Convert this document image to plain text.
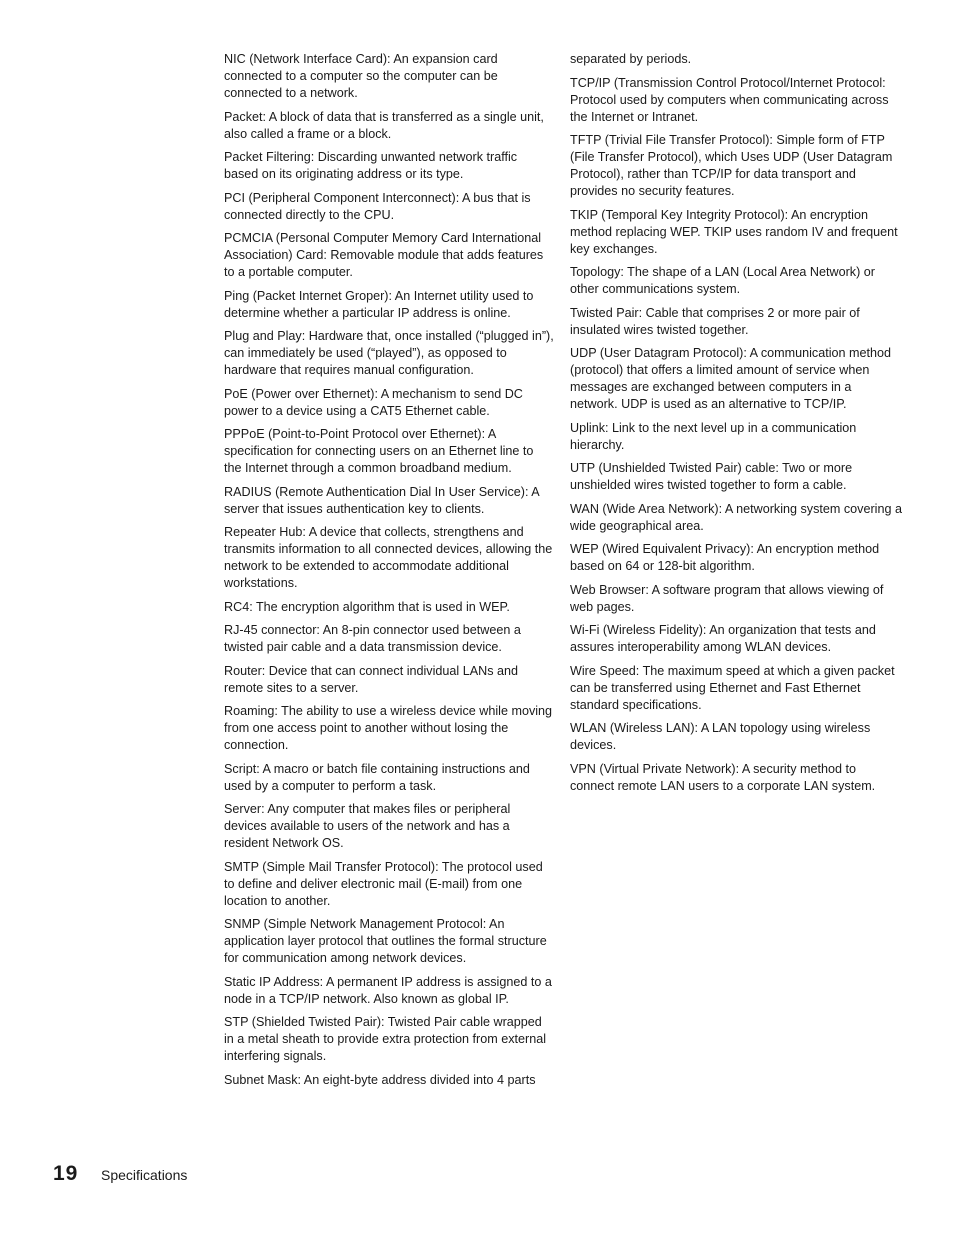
NIC (Network Interface Card): An expansion card connected to a computer so the computer can be connected to a network.

Packet: A block of data that is transferred as a single unit, also called a frame or a block.

Packet Filtering: Discarding unwanted network traffic based on its originating address or its type.

PCI (Peripheral Component Interconnect): A bus that is connected directly to the CPU.

PCMCIA (Personal Computer Memory Card International Association) Card: Removable module that adds features to a portable computer.

Ping (Packet Internet Groper): An Internet utility used to determine whether a particular IP address is online.

Plug and Play: Hardware that, once installed (“plugged in”), can immediately be used (“played”), as opposed to hardware that requires manual configuration.

PoE (Power over Ethernet): A mechanism to send DC power to a device using a CAT5 Ethernet cable.

PPPoE (Point-to-Point Protocol over Ethernet): A specification for connecting users on an Ethernet line to the Internet through a common broadband medium.

RADIUS (Remote Authentication Dial In User Service): A server that issues authentication key to clients.

Repeater Hub: A device that collects, strengthens and transmits information to all connected devices, allowing the network to be extended to accommodate additional workstations.

RC4: The encryption algorithm that is used in WEP.

RJ-45 connector: An 8-pin connector used between a twisted pair cable and a data transmission device.

Router: Device that can connect individual LANs and remote sites to a server.

Roaming: The ability to use a wireless device while moving from one access point to another without losing the connection.

Script: A macro or batch file containing instructions and used by a computer to perform a task.

Server: Any computer that makes files or peripheral devices available to users of the network and has a resident Network OS.

SMTP (Simple Mail Transfer Protocol): The protocol used to define and deliver electronic mail (E-mail) from one location to another.

SNMP (Simple Network Management Protocol: An application layer protocol that outlines the formal structure for communication among network devices.

Static IP Address: A permanent IP address is assigned to a node in a TCP/IP network. Also known as global IP.

STP (Shielded Twisted Pair): Twisted Pair cable wrapped in a metal sheath to provide extra protection from external interfering signals.

Subnet Mask: An eight-byte address divided into 4 parts

separated by periods.

TCP/IP (Transmission Control Protocol/Internet Protocol: Protocol used by computers when communicating across the Internet or Intranet.

TFTP (Trivial File Transfer Protocol): Simple form of FTP (File Transfer Protocol), which Uses UDP (User Datagram Protocol), rather than TCP/IP for data transport and provides no security features.

TKIP (Temporal Key Integrity Protocol): An encryption method replacing WEP. TKIP uses random IV and frequent key exchanges.

Topology: The shape of a LAN (Local Area Network) or other communications system.

Twisted Pair: Cable that comprises 2 or more pair of insulated wires twisted together.

UDP (User Datagram Protocol): A communication method (protocol) that offers a limited amount of service when messages are exchanged between computers in a network. UDP is used as an alternative to TCP/IP.

Uplink: Link to the next level up in a communication hierarchy.

UTP (Unshielded Twisted Pair) cable: Two or more unshielded wires twisted together to form a cable.

WAN (Wide Area Network): A networking system covering a wide geographical area.

WEP (Wired Equivalent Privacy): An encryption method based on 64 or 128-bit algorithm.

Web Browser: A software program that allows viewing of web pages.

Wi-Fi (Wireless Fidelity): An organization that tests and assures interoperability among WLAN devices.

Wire Speed: The maximum speed at which a given packet can be transferred using Ethernet and Fast Ethernet standard specifications.

WLAN (Wireless LAN): A LAN topology using wireless devices.

VPN (Virtual Private Network): A security method to connect remote LAN users to a corporate LAN system.

19	Specifications
